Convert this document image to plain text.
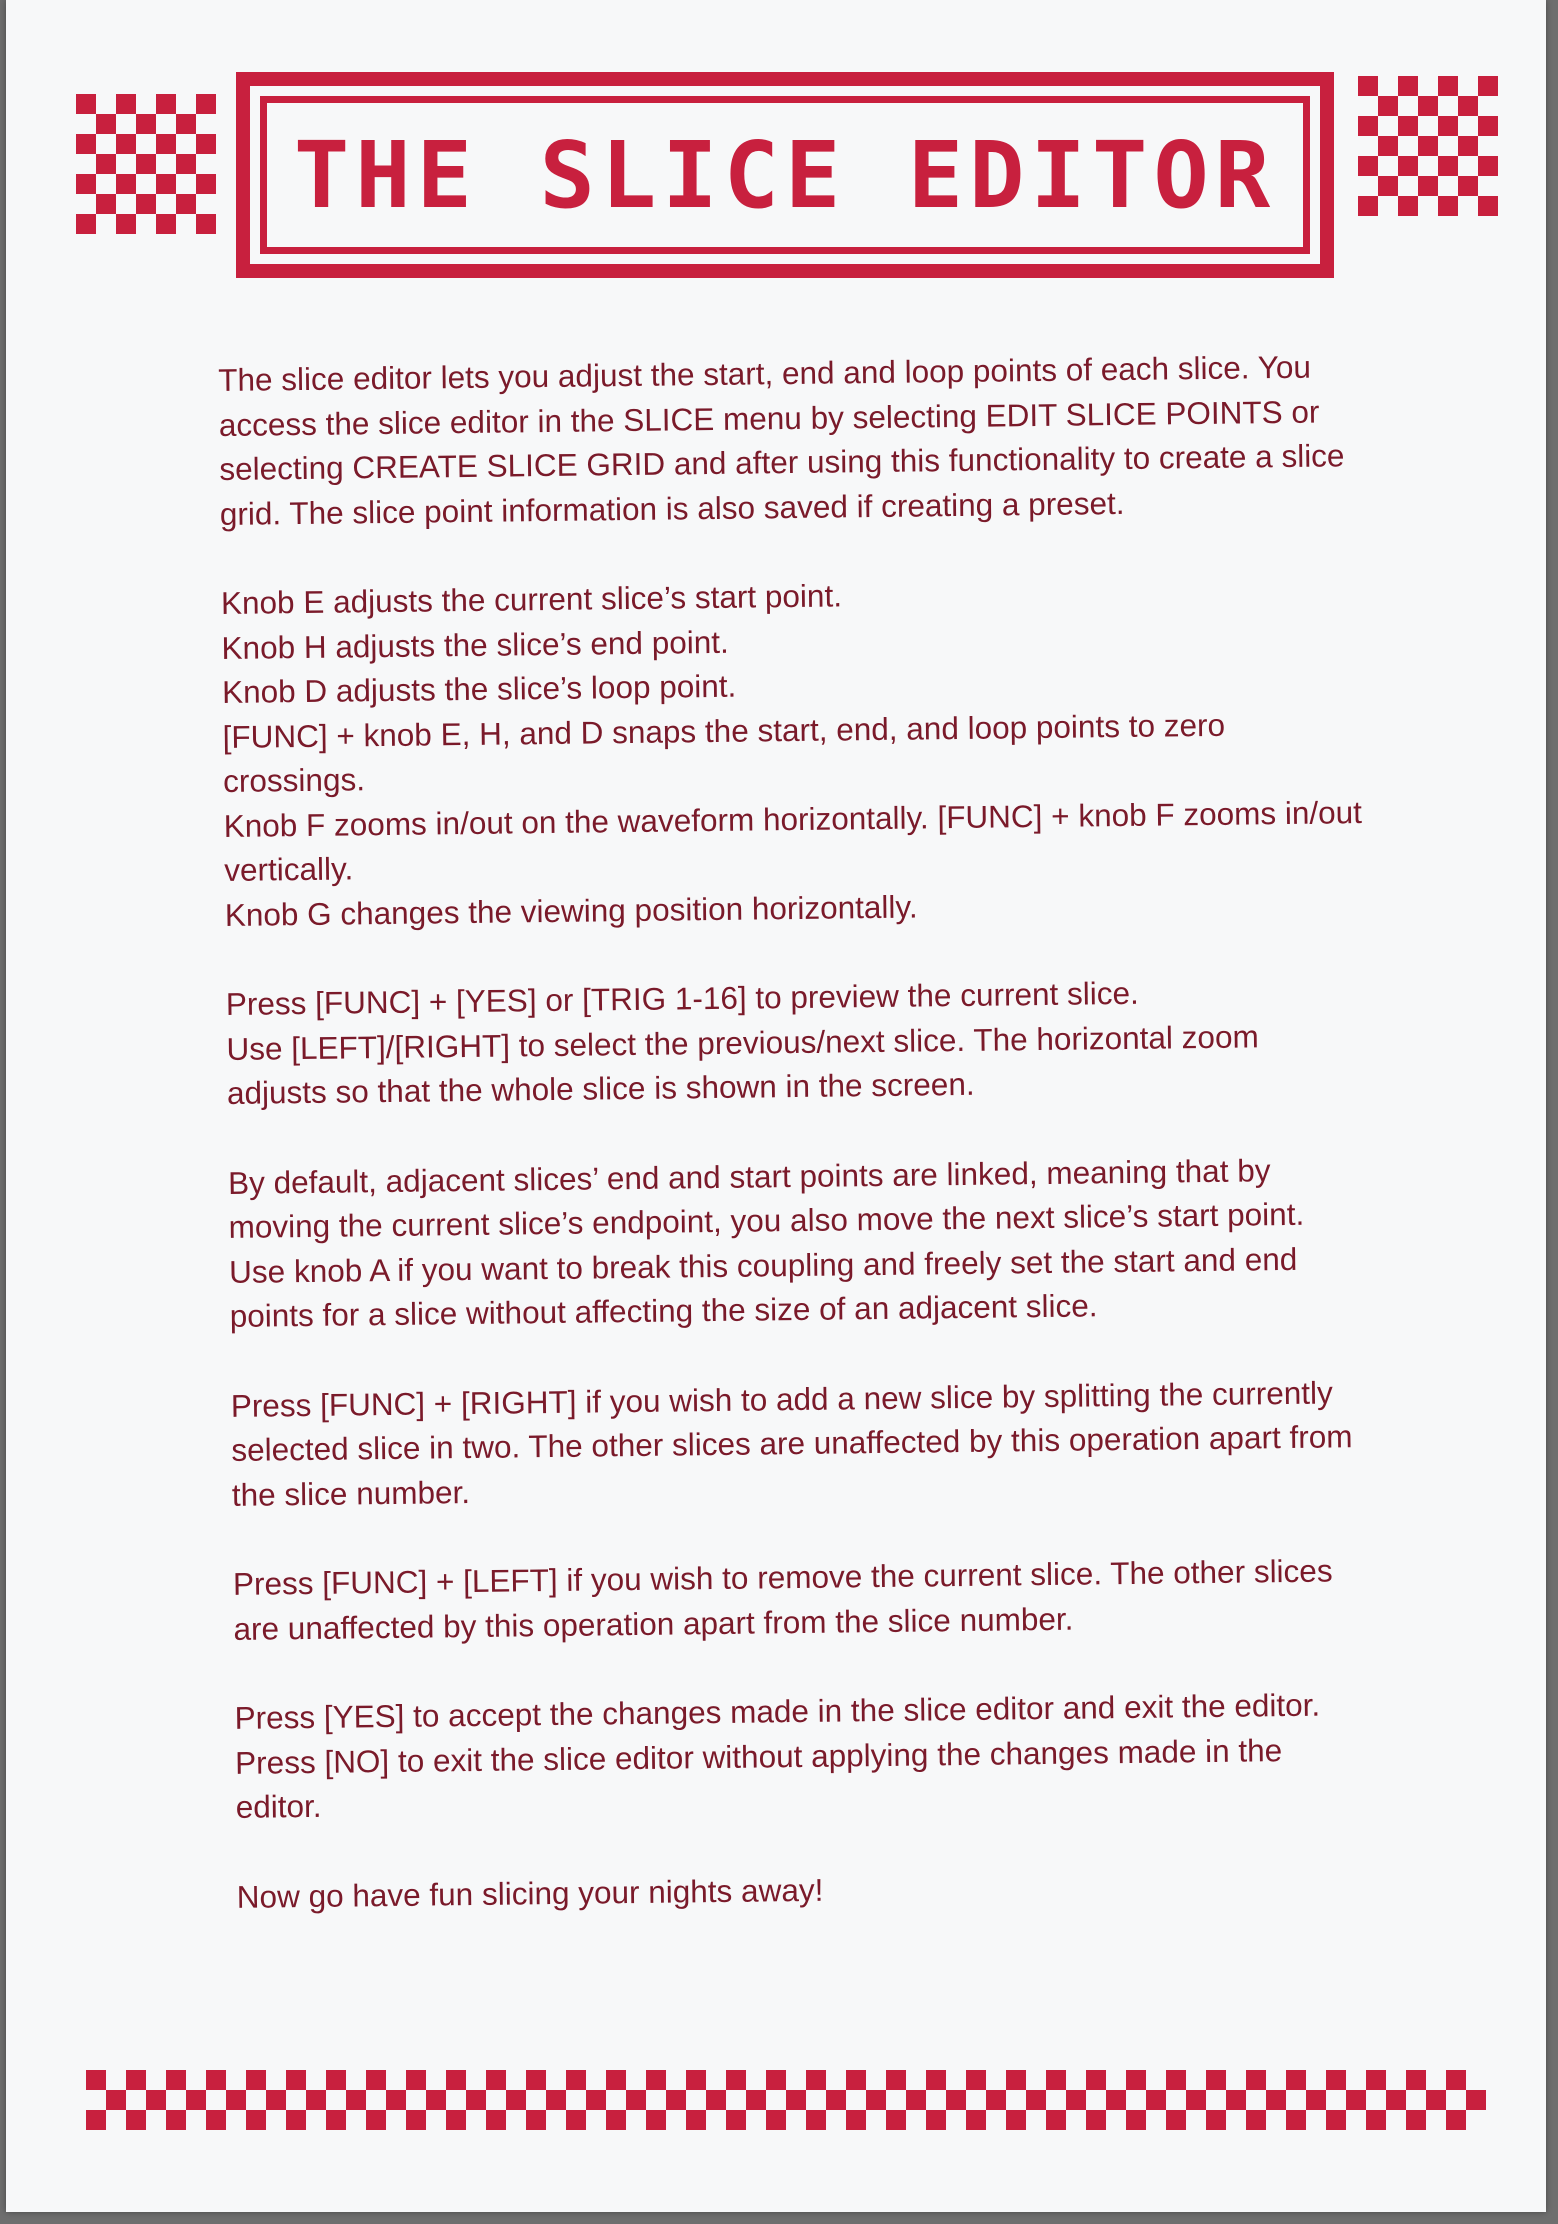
THE SLICE EDITOR

The slice editor lets you adjust the start, end and loop points of each slice. You access the slice editor in the SLICE menu by selecting EDIT SLICE POINTS or selecting CREATE SLICE GRID and after using this functionality to create a slice grid. The slice point information is also saved if creating a preset.

Knob E adjusts the current slice’s start point.
Knob H adjusts the slice’s end point.
Knob D adjusts the slice’s loop point.
[FUNC] + knob E, H, and D snaps the start, end, and loop points to zero crossings.
Knob F zooms in/out on the waveform horizontally. [FUNC] + knob F zooms in/out vertically.
Knob G changes the viewing position horizontally.

Press [FUNC] + [YES] or [TRIG 1-16] to preview the current slice.
Use [LEFT]/[RIGHT] to select the previous/next slice. The horizontal zoom adjusts so that the whole slice is shown in the screen.

By default, adjacent slices’ end and start points are linked, meaning that by moving the current slice’s endpoint, you also move the next slice’s start point. Use knob A if you want to break this coupling and freely set the start and end points for a slice without affecting the size of an adjacent slice.

Press [FUNC] + [RIGHT] if you wish to add a new slice by splitting the currently selected slice in two. The other slices are unaffected by this operation apart from the slice number.

Press [FUNC] + [LEFT] if you wish to remove the current slice. The other slices are unaffected by this operation apart from the slice number.

Press [YES] to accept the changes made in the slice editor and exit the editor. Press [NO] to exit the slice editor without applying the changes made in the editor.

Now go have fun slicing your nights away!
